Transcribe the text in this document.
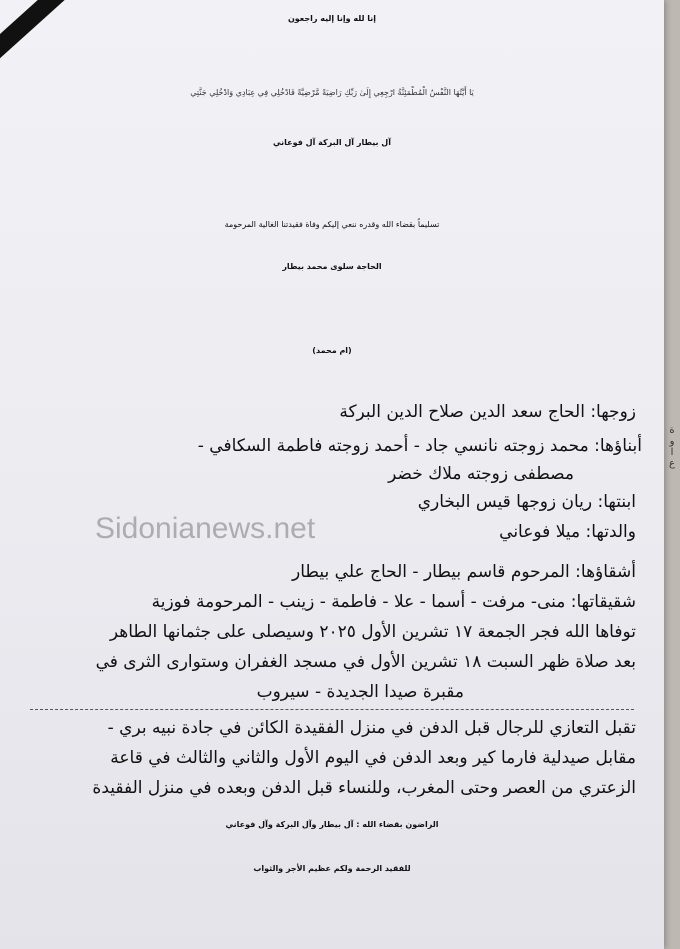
ة
و
ا
ع
إنا لله وإنا إليه راجعون
يَا أَيَّتُهَا النَّفْسُ الْمُطْمَئِنَّةُ ارْجِعِي إِلَىٰ رَبِّكِ رَاضِيَةً مَّرْضِيَّةً فَادْخُلِي فِي عِبَادِي وَادْخُلِي جَنَّتِي
آل بيطار آل البركة آل فوعاني
تسليماً بقضاء الله وقدره ننعي إليكم وفاة فقيدتنا الغالية المرحومة
الحاجة سلوى محمد بيطار
(ام محمد)
زوجها: الحاج سعد الدين صلاح الدين البركة
أبناؤها: محمد زوجته نانسي جاد - أحمد زوجته فاطمة السكافي -
مصطفى زوجته ملاك خضر
ابنتها: ريان زوجها قيس البخاري
والدتها: ميلا فوعاني
أشقاؤها: المرحوم قاسم بيطار - الحاج علي بيطار
شقيقاتها: منى- مرفت - أسما - علا - فاطمة - زينب - المرحومة فوزية
توفاها الله فجر الجمعة ١٧ تشرين الأول ٢٠٢٥ وسيصلى على جثمانها الطاهر
بعد صلاة ظهر السبت ١٨ تشرين الأول في مسجد الغفران وستوارى الثرى في
مقبرة صيدا الجديدة - سيروب
تقبل التعازي للرجال قبل الدفن في منزل الفقيدة الكائن في جادة نبيه بري -
مقابل صيدلية فارما كير وبعد الدفن في اليوم الأول والثاني والثالث في قاعة
الزعتري من العصر وحتى المغرب، وللنساء قبل الدفن وبعده في منزل الفقيدة
الراضون بقضاء الله : آل بيطار وآل البركة وآل فوعاني
للفقيد الرحمة ولكم عظيم الأجر والثواب
Sidonianews.net
